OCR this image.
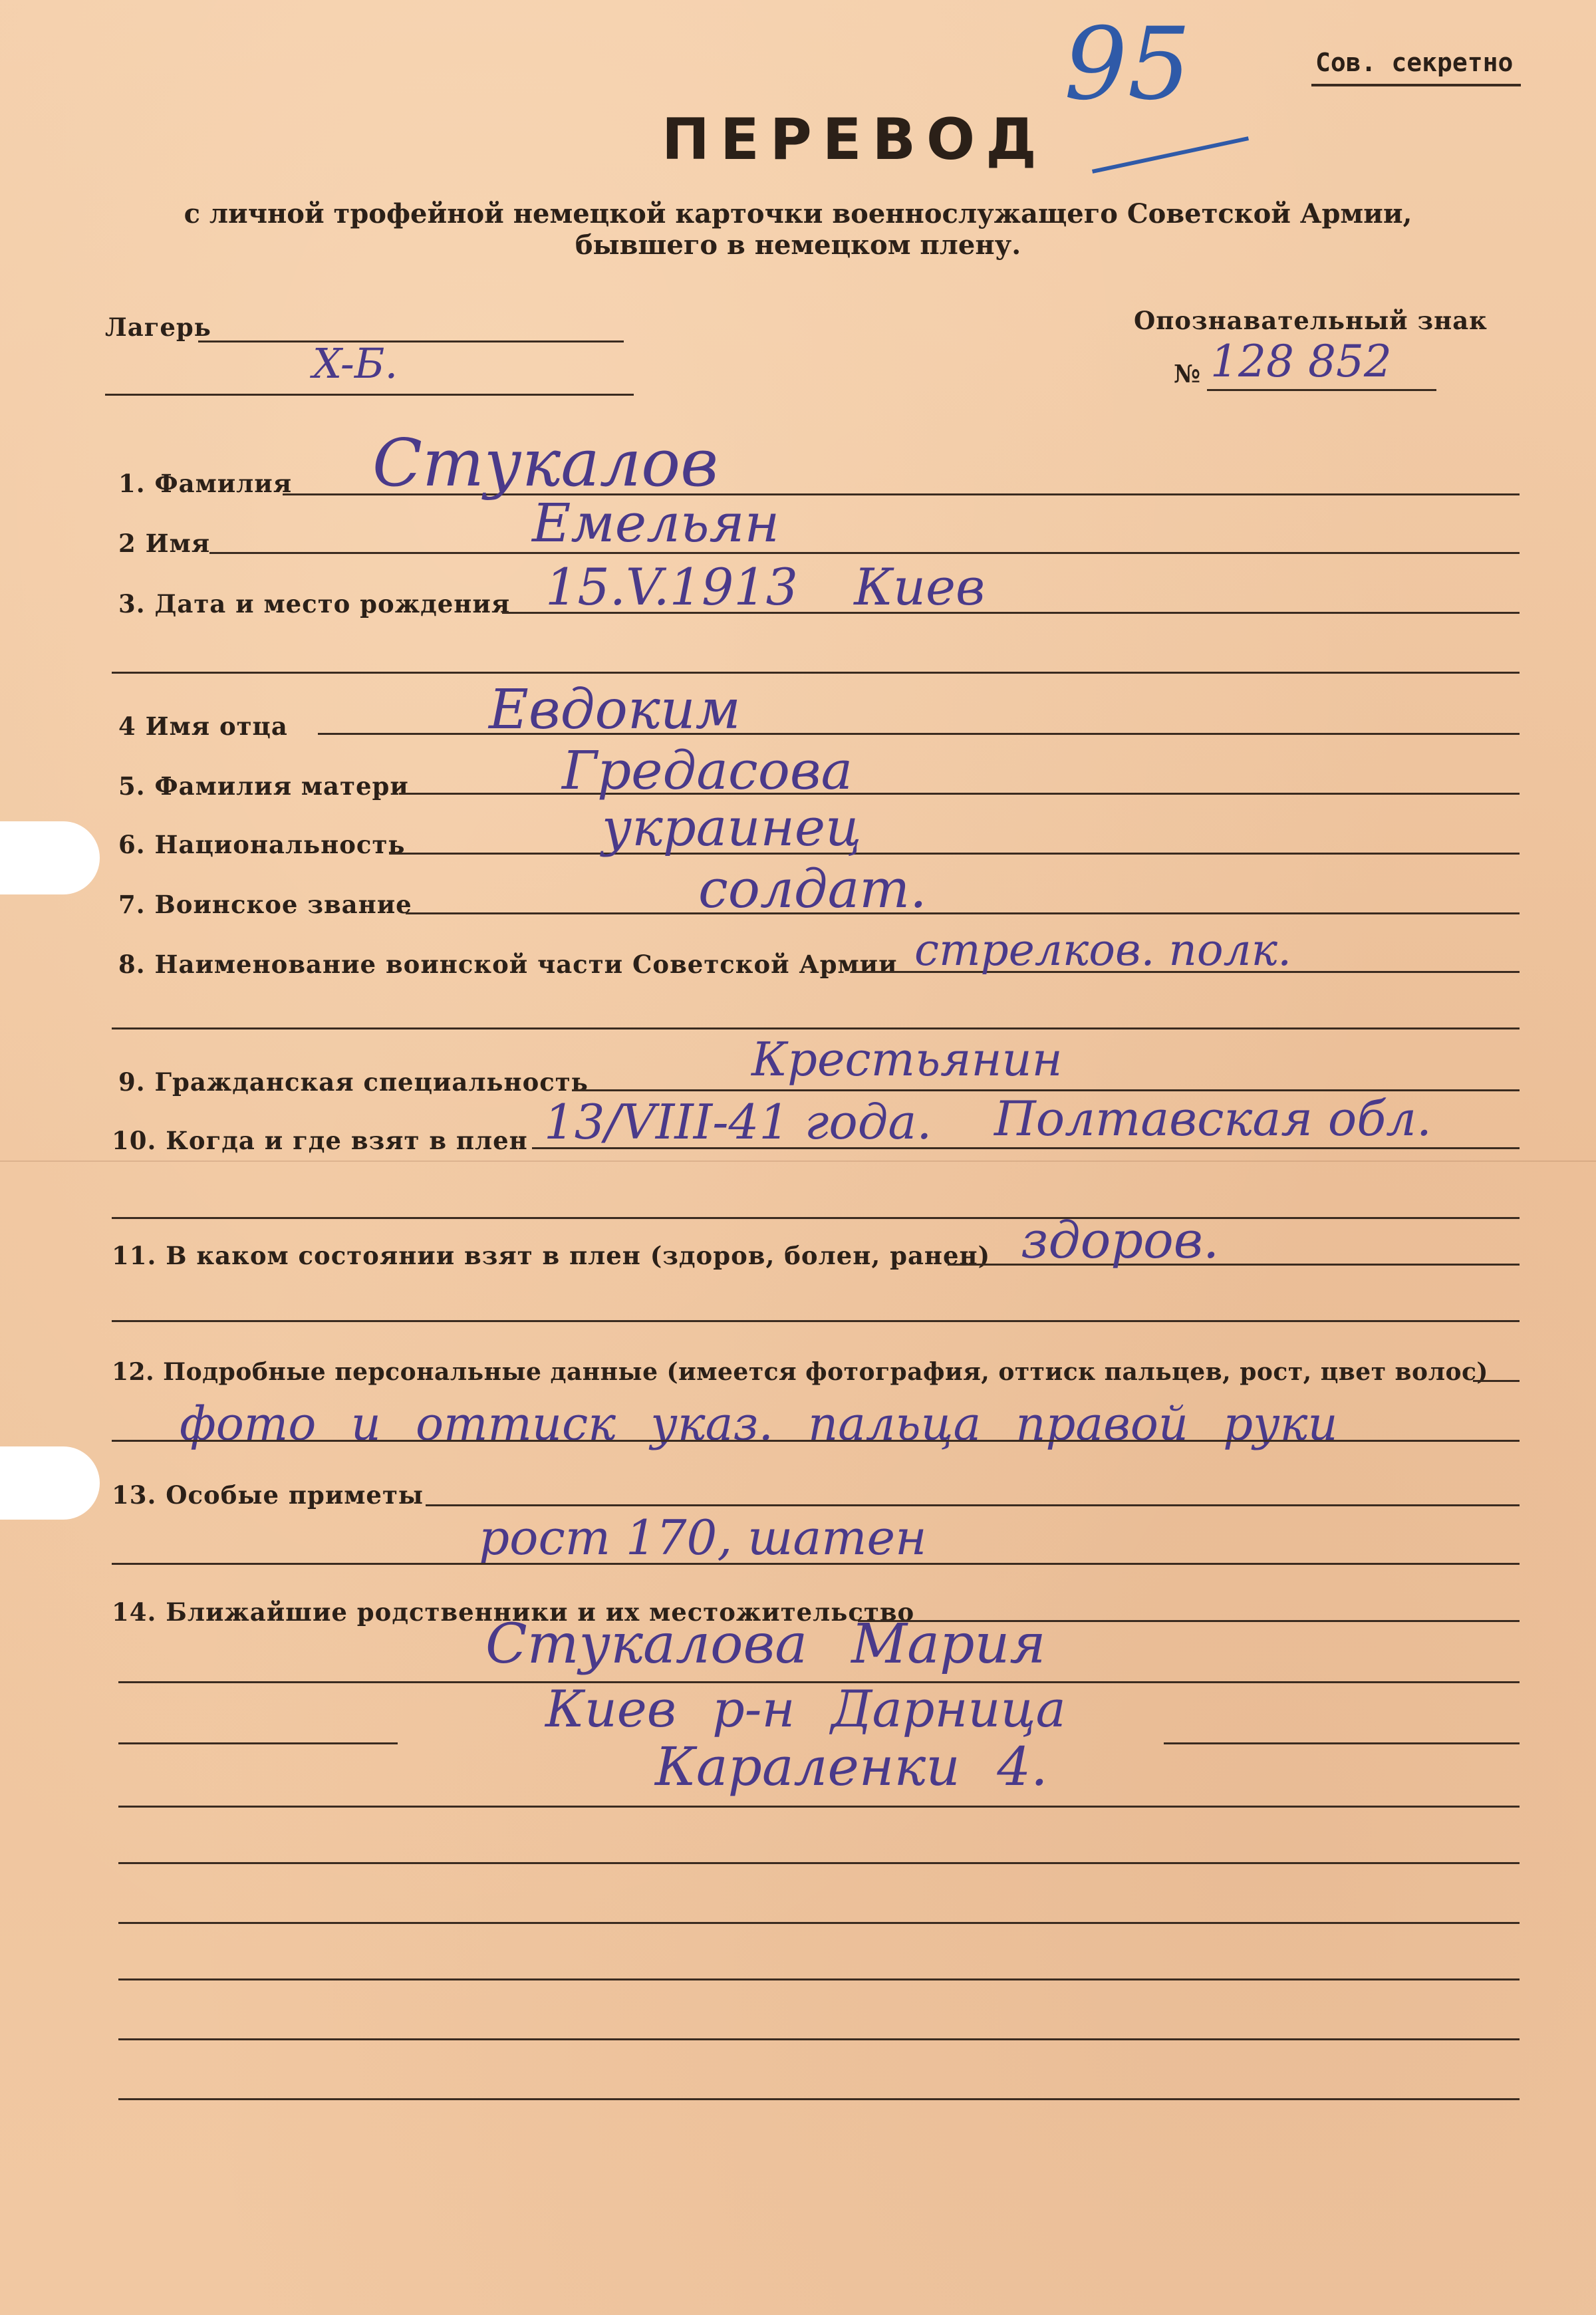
Сов. секретно
95
ПЕРЕВОД
с личной трофейной немецкой карточки военнослужащего Советской Армии,
бывшего в немецком плену.
Лагерь
X-Б.
Опознавательный знак
№ 128 852
1. Фамилия Стукалов
2 Имя	Емельян
3. Дата и место рождения 15.V.1913 Киев
4 Имя отца	Евдоким
5. Фамилия матери	Гредасова
6. Национальность	украинец
7. Воинское звание	солдат.
8. Наименование воинской части Советской Армии стрелков. полк.
9. Гражданская специальность	Крестьянин
10. Когда и где взят в плен 13/VIII-41 года. Полтавская обл.
11. В каком состоянии взят в плен (здоров, болен, ранен) здоров.
12. Подробные персональные данные (имеется фотография, оттиск пальцев, рост, цвет волос)
фото и оттиск указ. пальца правой руки
13. Особые приметы
рост 170, шатен
14. Ближайшие родственники и их местожительство
Стукалова Мария
Киев р-н Дарница
Караленки 4.
